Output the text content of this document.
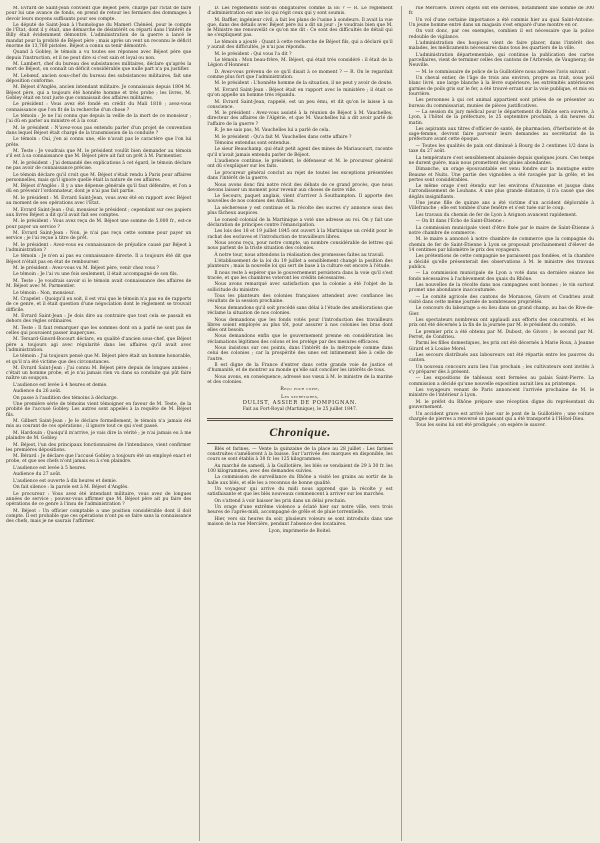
M. Evrard de Saint-Jean convient que Béjeot père, chargé par l'État de faire pour lui une avance de fonds, en prend de retour les fermiers des dommages à devoir leurs moyens suffisants pour ses compte.

Le député de Saint-Jean à l'homologue du Mameri Chénéel, pour le compte de l'État, dont il y était, une démarche de désintérêt ou réparti dans l'intérêt de Billy était évidemment démontré. L'administration de la guerre a lancé le mandat pour la probité de Béjeot père ; mais après un vent un reconnu le déficit énorme de 13,760 pistoles. Béjeot a connu sa tenir démontré.

Quand à Gobley, le témoin a vu toutes ses réponses avec Béjeot père que depuis l'instruction, et il ne peut dire si c'est sain et loyal ou non.

M. Lambert, chef du bureau des subsistances militaires, déclare qu'après la mort de Béjeot, on connaît un déficit considérable que nulle part n'a pu justifier.

M. Lebœuf, ancien sous-chef du bureau des subsistances militaires, fait une déposition conforme.

M. Béjeot d'Anglès, ancien intendant militaire. Je connaissais depuis 1804 M. Béjeot père, qui a toujours été honnête homme et très probe ; les livres, M. Gobley était en tout juste que connaissait des affaires militaires.

Le président : Vous avez été fondé en crédit du Mali 1818 ; avez-vous connaissance que l'on fit de la recherche d'un chose ?

Le témoin : Je ne l'ai connu que depuis la veille de la mort de ce monsieur ; j'ai dû en parler au ministre et à la cour.

M. le président : N'avez-vous pas entendu parler d'un projet de convention dans lequel Béjeot était chargé de la transmission de la conduite ?

Le témoin : Oui, j'en ai connu une, elle n'avait pas le caractère que l'on lui prête.

M. Teste : Je voudrais que M. le président voulût bien demander au témoin s'il est à sa connaissance que M. Béjeot père ait fait un prêt à M. Parmentier.

M. le président : J'ai demandé des explications à cet égard, le témoin déclare ne pas avoir de connaissance précise.

Le témoin déclare qu'il croit que M. Béjeot s'était rendu à Paris pour affaires personnelles, mais qu'il ignore quelle était la nature de ces affaires.

M. Béjeot d'Anglès : Il y a une dépense générale qu'il faut défendre, et l'on a dû en prévenir l'ordonnateur, dont je n'ai pas fait partie.

M. le président : M. Evrard Saint-Jean, vous avez été en rapport avec Béjeot au moment de ses opérations avec l'État.

M. Evrard Saint-Jean : Oui, monsieur le président ; cependant sur ces papiers aux livres Béjeot a dit qu'il avait fait ses comptes.

M. le président : Vous avez reçu de M. Béjeot une somme de 5,000 fr., est-ce pour payer un service ?

M. Evrard Saint-Jean : Non, je n'ai pas reçu cette somme pour payer un service ; je l'ai reçue à titre de prêt.

M. le président : Avez-vous eu connaissance de préjudice causé par Béjeot à l'administration ?

Le témoin : Je n'en ai pas eu connaissance directe. Il a toujours été dit que Béjeot n'était pas en état de rembourser.

M. le président : Avez-vous vu M. Béjeot père, venir chez vous ?

Le témoin : Je l'ai vu une fois seulement, il était accompagné de son fils.

M. Teste : Je voudrais savoir si le témoin avait connaissance des affaires de M. Béjeot avec M. Parmentier.

Le témoin : Non, monsieur.

M. Crapelet : Quoiqu'il en soit, il est vrai que le témoin n'a pas eu de rapports de ce genre, et il était question d'une négociation dont le règlement se trouvait difficile.

M. Evrard Saint-Jean : Je dois dire au contraire que tout cela se passait en dehors des règles ordinaires.

M. Teste : Il faut remarquer que les sommes dont on a parlé ne sont pas de celles qui pouvaient passer inaperçues.

M. Tersard-Ginord-Bocourt déclare, en qualité d'ancien sous-chef, que Béjeot père a toujours agi avec régularité dans les affaires qu'il avait avec l'administration.

Le témoin : J'ai toujours pensé que M. Béjeot père était un homme honorable, et qu'il n'a été victime que des circonstances.

M. Evrard Saint-Jean : J'ai connu M. Béjeot père depuis de longues années ; c'était un homme probe, et je n'ai jamais rien vu dans sa conduite qui pût faire naître un soupçon.

L'audience est levée à 4 heures et demie.

Audience du 26 août.

On passe à l'audition des témoins à décharge.

Une première série de témoins vient témoigner en faveur de M. Teste, de la probité de l'accusé Gobley. Les autres sont appelés à la requête de M. Béjeot fils.

M. Gilbert Saint-Jean : Je le déclare formellement, le témoin n'a jamais été mis au courant de ces opérations ; il ignore tout ce qui s'est passé.

M. Hardouin : Quoiqu'il m'arrive, je vais dire la vérité ; je n'ai jamais eu à me plaindre de M. Gobley.

M. Béjeot, l'un des principaux fonctionnaires de l'intendance, vient confirmer les premières dépositions.

M. Bérard : Je déclare que l'accusé Gobley a toujours été un employé exact et probe, et que ses chefs n'ont jamais eu à s'en plaindre.

L'audience est levée à 5 heures.

Audience du 27 août.

L'audience est ouverte à dix heures et demie.

On fait silence : la parole est à M. Béjeot d'Anglès.

Le procureur : Vous avez été intendant militaire, vous avez de longues années de service ; pouvez-vous affirmer que M. Béjeot père ait pu faire des opérations de ce genre à l'insu de l'administration ?

M. Béjeot : Un officier comptable a une position considérable dont il doit compte. Il est probable que ces opérations n'ont pu se faire sans la connaissance des chefs, mais je ne saurais l'affirmer.

D. Les règlements sont-ils obligatoires comme la loi ? — R. Le règlement d'administration est une loi qui régit ceux qui y sont soumis.

M. Baffler, ingénieur civil, a fait les plans de l'usine à sondeurs. Il avait la vue que, dans des détails avec Béjeot père lui a dit un jour : Je voudrais bien que M. le Ministre me renouvelât ce qu'on me dit : Ce sont des difficultés de détail qui ne s'expliquent pas.

Le témoin a ajouté : Quant à cette recherche de Béjeot fils, qui a déclaré qu'il y aurait des difficultés, je n'ai pas répondu.

M. le président : Qui vous l'a dit ?

Le témoin : Mon beau-frère, M. Béjeot, qui était très considéré : il était de la Légion d'Honneur.

D. Avez-vous prévenu de ce qu'il disait à ce moment ? — R. On le regardait comme plus fort que l'administration.

M. le président : L'honnête homme de la situation, il ne peut y avoir de doute.

M. Evrard Saint-Jean : Béjeot était en rapport avec le ministère ; il était ce qu'on appelle un homme très répandu.

M. Evrard Saint-Jean, rappelé, est un peu ému, et dit qu'on le laisse à sa conscience.

M. le président : Avez-vous assisté à la réunion de Béjeot à M. Vauchelles, directeur des affaires de l'Algérie, et que M. Vauchelles lui a dit avoir parlé de l'affaire de la guerre ?

R. Je ne sais pas, M. Vauchelles lui a parlé de cela.

M. le président : Qu'a fait M. Vauchelles dans cette affaire ?

Témoins entendus sont entendus.

Le sieur Beauchamp, qui était petit agent des mines de Mariaucourt, raconte qu'il n'avait jamais entendu parler de Béjeot.

L'audience continue, le président, le défenseur et M. le procureur général ont dû s'expliquer sur les faits.

Le procureur général conclut au rejet de toutes les exceptions présentées dans l'intérêt de la guerre.

Nous avons donc fini notre récit des débats de ce grand procès, que nous devons laisser un moment pour revenir aux choses de notre ville.

Le Secours, paquet anglais, vient d'arriver à Southampton. Il apporte des nouvelles de nos colonies des Antilles.

La sécheresse y est continue et la récolte des sucres s'y annonce sous des plus fâcheux auspices.

Le conseil colonial de la Martinique a voté une adresse au roi. On y fait une déclaration de principes contre l'émancipation.

Les lois des 18 et 19 juillet 1845 ont ouvert à la Martinique un crédit pour le rachat des esclaves et l'introduction de travailleurs libres.

Nous avons reçu, pour notre compte, un nombre considérable de lettres qui nous parlent de la triste situation des colonies.

À notre tour, nous attendons la réalisation des promesses faites au travail.

L'établissement de la loi du 19 juillet a sensiblement changé la position des planteurs ; mais la nouvelle loi qui sert de base à la culture est encore à l'étude.

Il nous reste à espérer que le gouvernement persistera dans la voie qu'il s'est tracée, et que les chambres voteront les crédits nécessaires.

Nous avons remarqué avec satisfaction que la colonie a été l'objet de la sollicitude du ministre.

Tous les planteurs des colonies françaises attendent avec confiance les résultats de la session prochaine.

Nous demandons qu'il soit procédé sans délai à l'étude des améliorations que réclame la situation de nos colonies.

Nous demandons que les fonds votés pour l'introduction des travailleurs libres soient employés au plus tôt, pour assurer à nos colonies les bras dont elles ont besoin.

Nous demandons enfin que le gouvernement prenne en considération les réclamations légitimes des colons et les protège par des mesures efficaces.

Nous insistons sur ces points, dans l'intérêt de la métropole comme dans celui des colonies ; car la prospérité des unes est intimement liée à celle de l'autre.

Il est digne de la France d'entrer dans cette grande voie de justice et d'humanité, et de montrer au monde qu'elle sait concilier les intérêts de tous.

Nous avons, en conséquence, adressé nos vœux à M. le ministre de la marine et des colonies.

Reçu pour copie,

Les secrétaires,

DULIST, ASSIER DE POMPIGNAN.

Fait au Fort-Royal (Martinique), le 25 juillet 1847.

Chronique.

Blés et farines. — Vente la quinzaine de la place au 28 juillet : Les farines construites s'améliorent à la baisse. Sur l'arrivée des marques en disponible, les cours se sont établis à 38 fr. les 125 kilogrammes.

Au marché de samedi, à la Guillotière, les blés se vendaient de 29 à 30 fr. les 100 kilogrammes, avec des demandes suivies.

La commission de surveillance du Rhône a visité les grains au sortir de la halle aux blés, et elle les a reconnus de bonne qualité.

Un voyageur qui arrive du midi nous apprend que la récolte y est satisfaisante et que les blés nouveaux commencent à arriver sur les marchés.

On s'attend à voir baisser les prix dans un délai prochain.

Un orage d'une extrême violence a éclaté hier sur notre ville, vers trois heures de l'après-midi, accompagné de grêle et de pluie torrentielle.

Hier, vers six heures du soir, plusieurs voleurs se sont introduits dans une maison de la rue Mercière, pendant l'absence des locataires.

Lyon, imprimerie de Boitel.

rue Mercière. Divers objets ont été dérobés, notamment une somme de 300 fr.

Un vol d'une certaine importance a été commis hier au quai Saint-Antoine. Un jeune homme entré dans un magasin s'est emparé d'une montre en or.

On voit donc, par ces exemples, combien il est nécessaire que la police redouble de vigilance.

L'administration des hospices vient de faire placer, dans l'intérêt des malades, les médicaments nécessaires dans tous les quartiers de la ville.

L'administration départementale, qui continue la publication des cartes parcellaires, vient de terminer celles des cantons de l'Arbresle, de Vaugneray, de Neuville.

— M. le commissaire de police de la Guillotière nous adresse l'avis suivant :

Un cheval entier, de l'âge de trois ans environ, propre au trait, sous poil blanc livré, une large blanche à la lèvre supérieure, les extrémités antérieures garnies de poils gris sur le fer, a été trouvé errant sur la voie publique, et mis en fourrière.

Les personnes à qui cet animal appartient sont priées de se présenter au bureau du commissariat, munies de pièces justificatives.

— La session du jury médical pour le département du Rhône sera ouverte, à Lyon, à l'hôtel de la préfecture, le 25 septembre prochain, à dix heures du matin.

Les aspirants aux titres d'officier de santé, de pharmacien, d'herboriste et de sage-femme, devront faire parvenir leurs demandes au secrétariat de la préfecture avant cette époque.

— Toutes les qualités de pain ont diminué à Bourg de 2 centimes 1/2 dans la taxe du 27 août.

La température s'est sensiblement abaissée depuis quelques jours. Ces temps ne durent guère, mais nous promettent des pluies abondantes.

Dimanche, un orage épouvantable est venu fondre sur la montagne entre Beaune et Nuits. Une partie des vignobles a été ravagée par la grêle, et les pertes sont considérables.

Le même orage s'est étendu sur les environs d'Auxonne et jusque dans l'arrondissement de Louhans. À une plus grande distance, il n'a causé que des dégâts insignifiants.

Une jeune fille de quinze ans a été victime d'un accident déplorable à Villefranche ; elle est tombée d'une fenêtre et s'est tuée sur le coup.

Les travaux du chemin de fer de Lyon à Avignon avancent rapidement.

— On lit dans l'Écho de Saint-Étienne :

La commission municipale vient d'être fixée par le maire de Saint-Étienne à notre chambre de commerce.

M. le maire a annoncé à notre chambre de commerce que la compagnie du chemin de fer de Saint-Étienne à Lyon se proposait prochainement d'élever de 14 centimes par kilomètre le prix des voyageurs.

Les prétentions de cette compagnie ne paraissent pas fondées, et la chambre a décidé qu'elle présenterait des observations à M. le ministre des travaux publics.

— La commission municipale de Lyon a voté dans sa dernière séance les fonds nécessaires à l'achèvement des quais du Rhône.

Les nouvelles de la récolte dans nos campagnes sont bonnes ; le vin surtout promet une abondance inaccoutumée.

— Le comité agricole des cantons de Morances, Givors et Condrieu avait visité dans cette même journée de nombreuses propriétés.

Le concours du labourage a eu lieu dans un grand champ, au bas de Rive-de-Gier.

Les spectateurs nombreux ont applaudi aux efforts des concurrents, et les prix ont été décernés à la fin de la journée par M. le président du comité.

Le premier prix a été obtenu par M. Dubost, de Givors ; le second par M. Perret, de Condrieu.

Parmi les filles domestiques, les prix ont été décernés à Marie Roux, à Jeanne Girard et à Louise Morel.

Les secours distribués aux laboureurs ont été répartis entre les pauvres du canton.

Un nouveau concours aura lieu l'an prochain ; les cultivateurs sont invités à s'y préparer dès à présent.

— Les expositions de tableaux sont fermées au palais Saint-Pierre. La commission a décidé qu'une nouvelle exposition aurait lieu au printemps.

Les voyageurs venant de Paris annoncent l'arrivée prochaine de M. le ministre de l'intérieur à Lyon.

M. le préfet du Rhône prépare une réception digne du représentant du gouvernement.

Un accident grave est arrivé hier sur le pont de la Guillotière ; une voiture chargée de pierres a renversé un passant qui a été transporté à l'Hôtel-Dieu.

Tous les soins lui ont été prodigués ; on espère le sauver.
